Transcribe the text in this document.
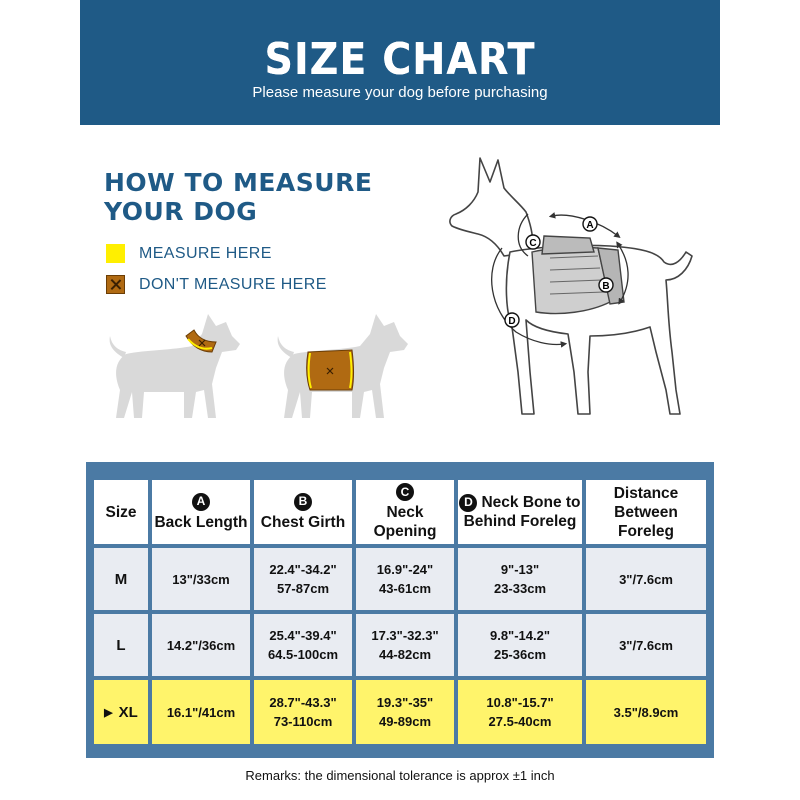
SIZE CHART
Please measure your dog before purchasing
HOW TO MEASURE
YOUR DOG
MEASURE HERE
DON'T MEASURE HERE
A
B
C
D
Size
A
Back Length
B
Chest Girth
C
Neck Opening
D Neck Bone to
Behind Foreleg
Distance Between
Foreleg
M	13"/33cm
22.4"-34.2"
57-87cm
16.9"-24"
43-61cm
9"-13"
23-33cm
3"/7.6cm
L	14.2"/36cm
25.4"-39.4"
64.5-100cm
17.3"-32.3"
44-82cm
9.8"-14.2"
25-36cm
3"/7.6cm
▶ XL 16.1"/41cm
28.7"-43.3"
73-110cm
19.3"-35"
49-89cm
10.8"-15.7"
27.5-40cm
3.5"/8.9cm
Remarks: the dimensional tolerance is approx ±1 inch
